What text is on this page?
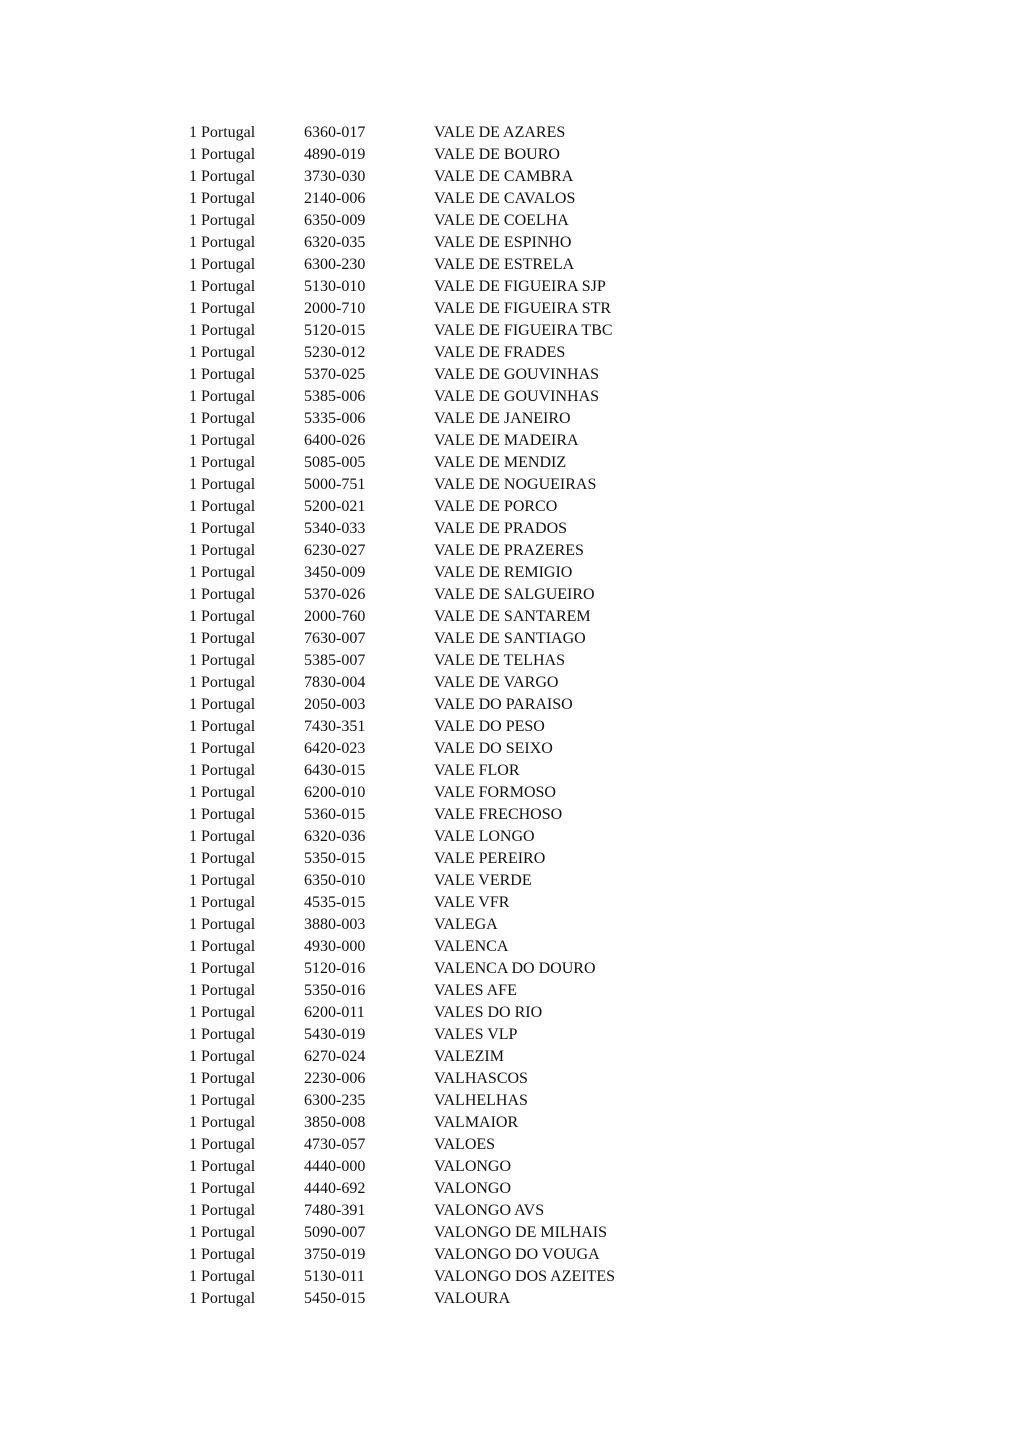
1 Portugal	6360-017	VALE DE AZARES
1 Portugal	4890-019	VALE DE BOURO
1 Portugal	3730-030	VALE DE CAMBRA
1 Portugal	2140-006	VALE DE CAVALOS
1 Portugal	6350-009	VALE DE COELHA
1 Portugal	6320-035	VALE DE ESPINHO
1 Portugal	6300-230	VALE DE ESTRELA
1 Portugal	5130-010	VALE DE FIGUEIRA SJP
1 Portugal	2000-710	VALE DE FIGUEIRA STR
1 Portugal	5120-015	VALE DE FIGUEIRA TBC
1 Portugal	5230-012	VALE DE FRADES
1 Portugal	5370-025	VALE DE GOUVINHAS
1 Portugal	5385-006	VALE DE GOUVINHAS
1 Portugal	5335-006	VALE DE JANEIRO
1 Portugal	6400-026	VALE DE MADEIRA
1 Portugal	5085-005	VALE DE MENDIZ
1 Portugal	5000-751	VALE DE NOGUEIRAS
1 Portugal	5200-021	VALE DE PORCO
1 Portugal	5340-033	VALE DE PRADOS
1 Portugal	6230-027	VALE DE PRAZERES
1 Portugal	3450-009	VALE DE REMIGIO
1 Portugal	5370-026	VALE DE SALGUEIRO
1 Portugal	2000-760	VALE DE SANTAREM
1 Portugal	7630-007	VALE DE SANTIAGO
1 Portugal	5385-007	VALE DE TELHAS
1 Portugal	7830-004	VALE DE VARGO
1 Portugal	2050-003	VALE DO PARAISO
1 Portugal	7430-351	VALE DO PESO
1 Portugal	6420-023	VALE DO SEIXO
1 Portugal	6430-015	VALE FLOR
1 Portugal	6200-010	VALE FORMOSO
1 Portugal	5360-015	VALE FRECHOSO
1 Portugal	6320-036	VALE LONGO
1 Portugal	5350-015	VALE PEREIRO
1 Portugal	6350-010	VALE VERDE
1 Portugal	4535-015	VALE VFR
1 Portugal	3880-003	VALEGA
1 Portugal	4930-000	VALENCA
1 Portugal	5120-016	VALENCA DO DOURO
1 Portugal	5350-016	VALES AFE
1 Portugal	6200-011	VALES DO RIO
1 Portugal	5430-019	VALES VLP
1 Portugal	6270-024	VALEZIM
1 Portugal	2230-006	VALHASCOS
1 Portugal	6300-235	VALHELHAS
1 Portugal	3850-008	VALMAIOR
1 Portugal	4730-057	VALOES
1 Portugal	4440-000	VALONGO
1 Portugal	4440-692	VALONGO
1 Portugal	7480-391	VALONGO AVS
1 Portugal	5090-007	VALONGO DE MILHAIS
1 Portugal	3750-019	VALONGO DO VOUGA
1 Portugal	5130-011	VALONGO DOS AZEITES
1 Portugal	5450-015	VALOURA
